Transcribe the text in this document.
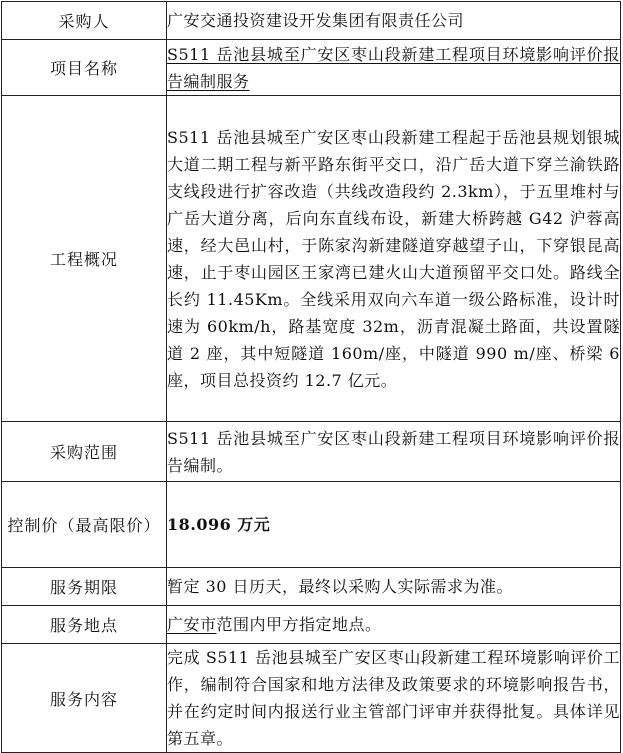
采购人	广安交通投资建设开发集团有限责任公司
项目名称	S511 岳池县城至广安区枣山段新建工程项目环境影响评价报告编制服务
工程概况	S511 岳池县城至广安区枣山段新建工程起于岳池县规划银城大道二期工程与新平路东街平交口，沿广岳大道下穿兰渝铁路支线段进行扩容改造（共线改造段约 2.3km），于五里堆村与广岳大道分离，后向东直线布设，新建大桥跨越 G42 沪蓉高速，经大邑山村，于陈家沟新建隧道穿越望子山，下穿银昆高速，止于枣山园区王家湾已建火山大道预留平交口处。路线全长约 11.45Km。全线采用双向六车道一级公路标准，设计时速为 60km/h，路基宽度 32m，沥青混凝土路面，共设置隧道 2 座，其中短隧道 160m/座，中隧道 990 m/座、桥梁 6 座，项目总投资约 12.7 亿元。
采购范围	S511 岳池县城至广安区枣山段新建工程项目环境影响评价报告编制。
控制价（最高限价）	18.096 万元
服务期限	暂定 30 日历天，最终以采购人实际需求为准。
服务地点	广安市范围内甲方指定地点。
服务内容	完成 S511 岳池县城至广安区枣山段新建工程环境影响评价工作，编制符合国家和地方法律及政策要求的环境影响报告书，并在约定时间内报送行业主管部门评审并获得批复。具体详见第五章。
